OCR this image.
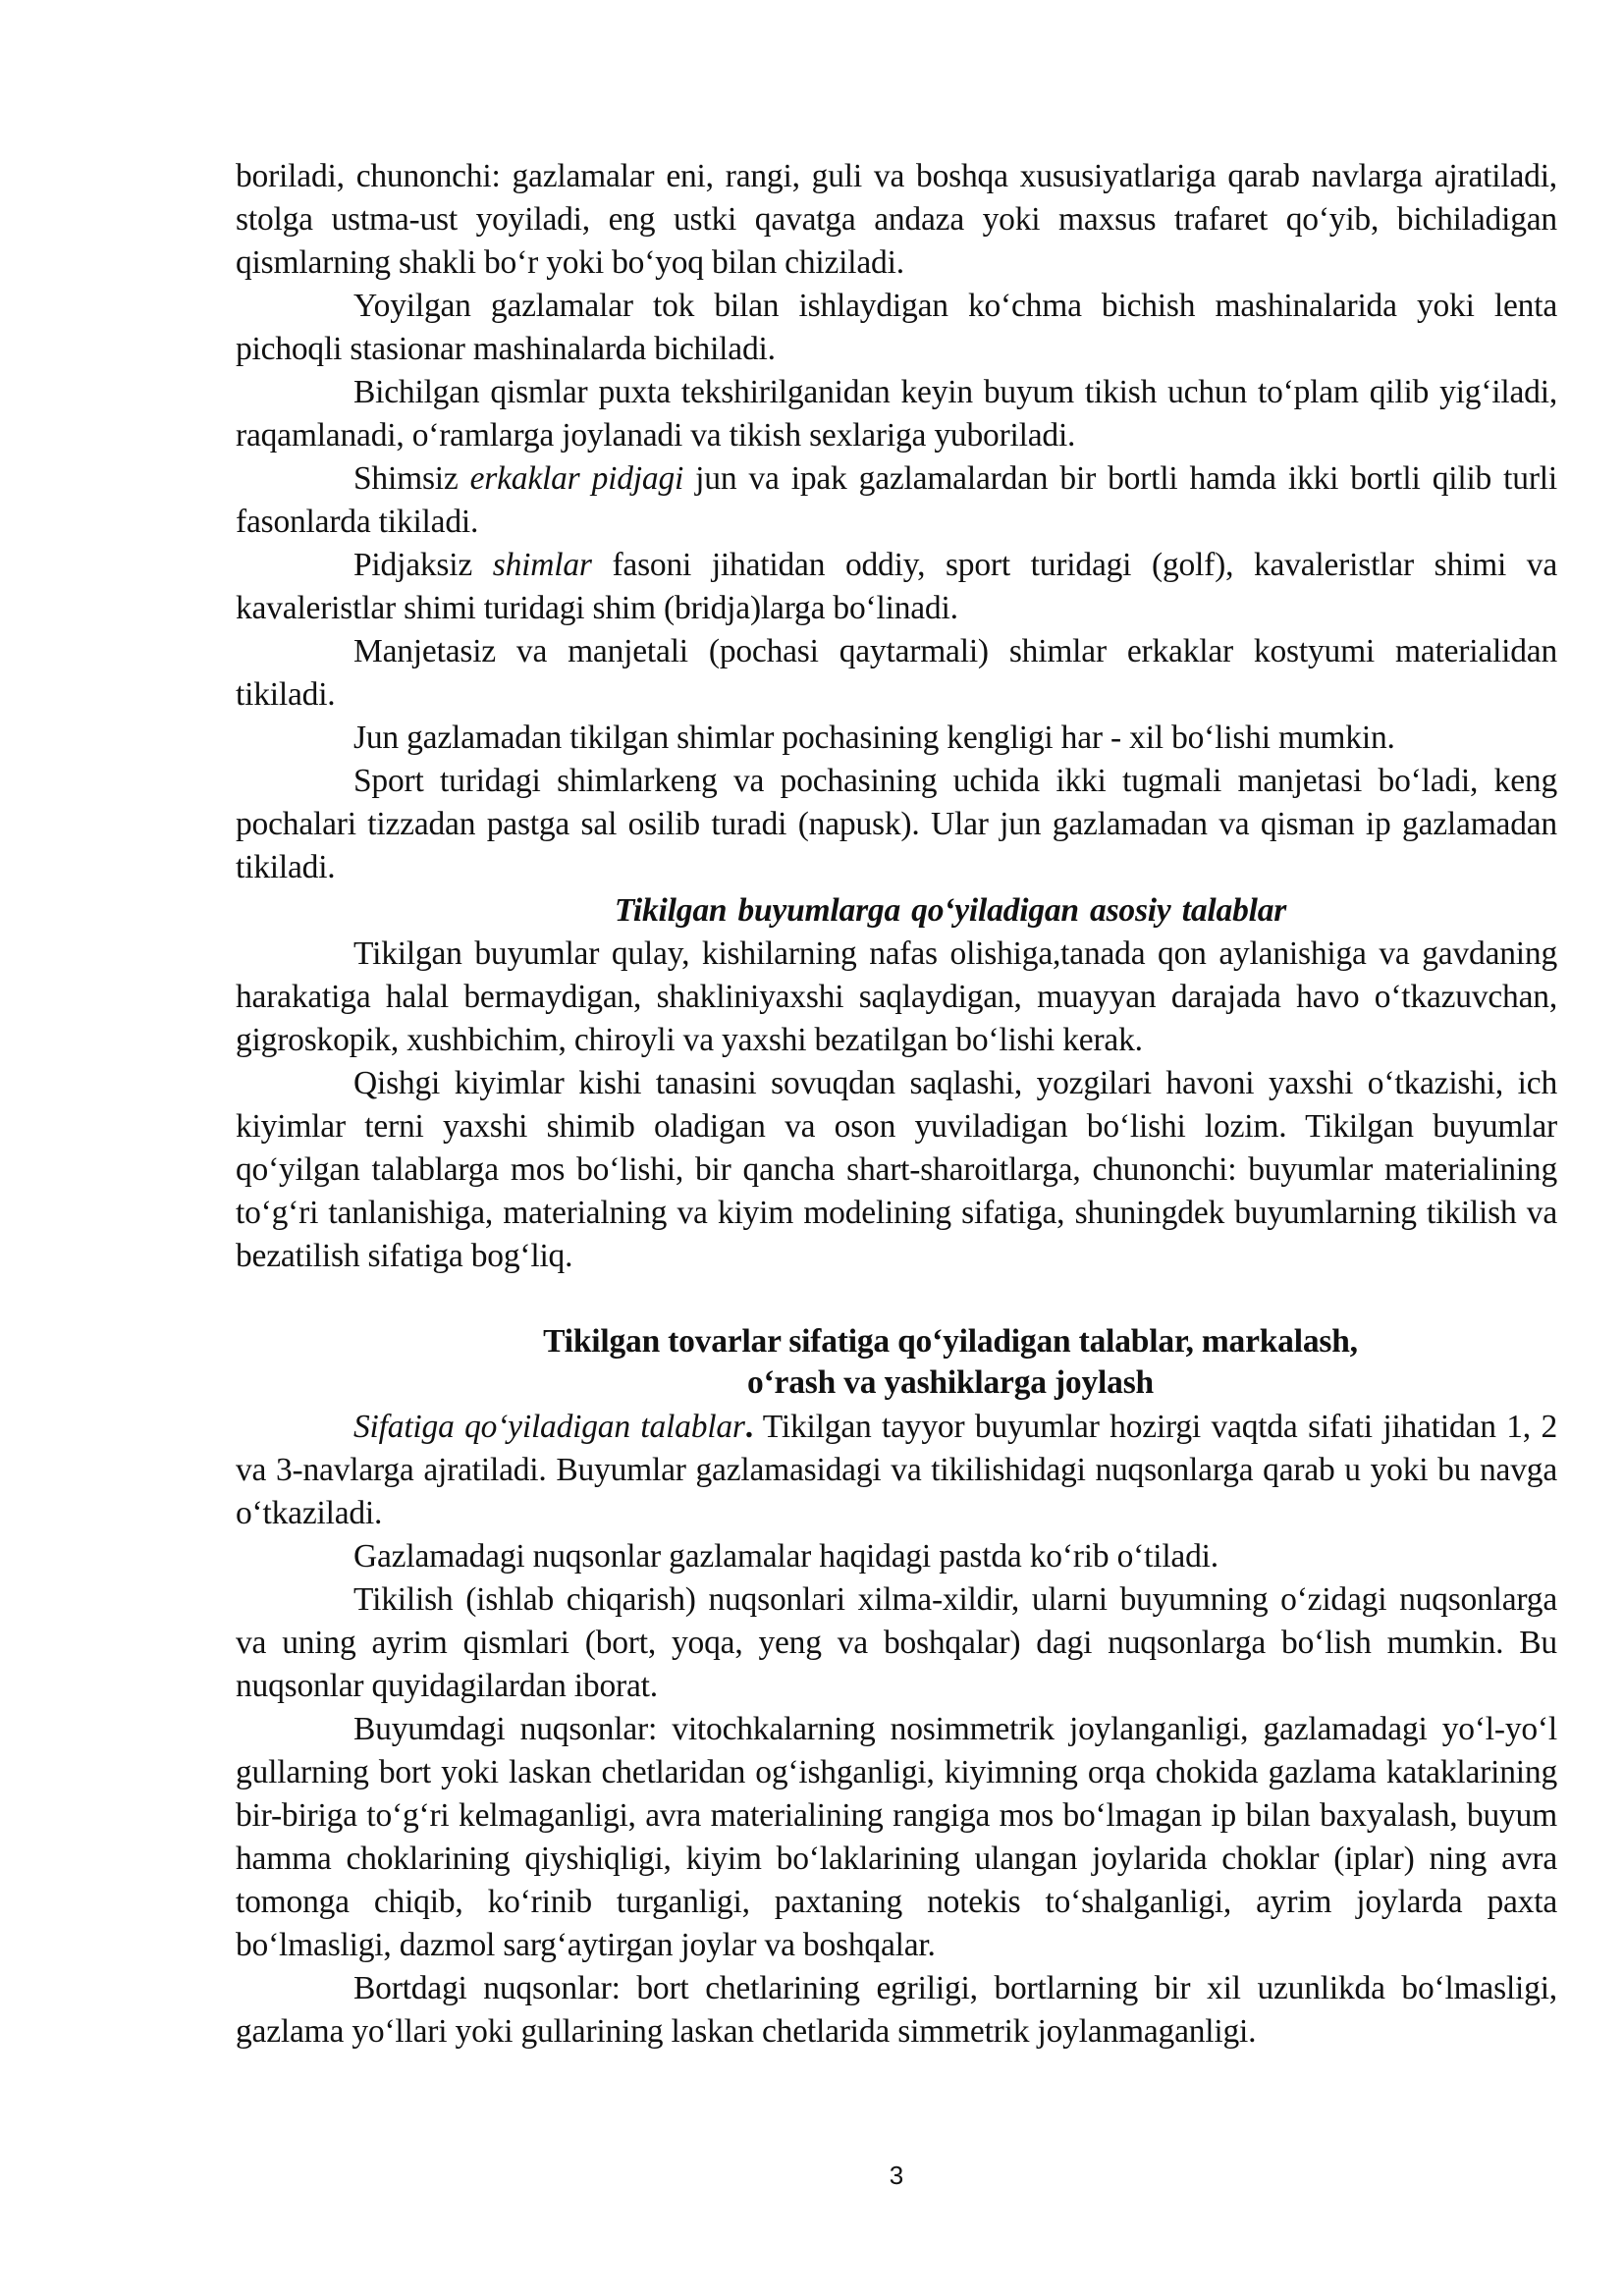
boriladi, chunonchi: gazlamalar eni, rangi, guli va boshqa xususiyatlariga qarab navlarga ajratiladi, stolga ustma-ust yoyiladi, eng ustki qavatga andaza yoki maxsus trafaret qo‘yib, bichiladigan qismlarning shakli bo‘r yoki bo‘yoq bilan chiziladi.

Yoyilgan gazlamalar tok bilan ishlaydigan ko‘chma bichish mashinalarida yoki lenta pichoqli stasionar mashinalarda bichiladi.

Bichilgan qismlar puxta tekshirilganidan keyin buyum tikish uchun to‘plam qilib yig‘iladi, raqamlanadi, o‘ramlarga joylanadi va tikish sexlariga yuboriladi.

Shimsiz erkaklar pidjagi jun va ipak gazlamalardan bir bortli hamda ikki bortli qilib turli fasonlarda tikiladi.

Pidjaksiz shimlar fasoni jihatidan oddiy, sport turidagi (golf), kavaleristlar shimi va kavaleristlar shimi turidagi shim (bridja)larga bo‘linadi.

Manjetasiz va manjetali (pochasi qaytarmali) shimlar erkaklar kostyumi materialidan tikiladi.

Jun gazlamadan tikilgan shimlar pochasining kengligi har - xil bo‘lishi mumkin.

Sport turidagi shimlarkeng va pochasining uchida ikki tugmali manjetasi bo‘ladi, keng pochalari tizzadan pastga sal osilib turadi (napusk). Ular jun gazlamadan va qisman ip gazlamadan tikiladi.

Tikilgan buyumlarga qo‘yiladigan asosiy talablar

Tikilgan buyumlar qulay, kishilarning nafas olishiga,tanada qon aylanishiga va gavdaning harakatiga halal bermaydigan, shakliniyaxshi saqlaydigan, muayyan darajada havo o‘tkazuvchan, gigroskopik, xushbichim, chiroyli va yaxshi bezatilgan bo‘lishi kerak.

Qishgi kiyimlar kishi tanasini sovuqdan saqlashi, yozgilari havoni yaxshi o‘tkazishi, ich kiyimlar terni yaxshi shimib oladigan va oson yuviladigan bo‘lishi lozim. Tikilgan buyumlar qo‘yilgan talablarga mos bo‘lishi, bir qancha shart-sharoitlarga, chunonchi: buyumlar materialining to‘g‘ri tanlanishiga, materialning va kiyim modelining sifatiga, shuningdek buyumlarning tikilish va bezatilish sifatiga bog‘liq.

Tikilgan tovarlar sifatiga qo‘yiladigan talablar, markalash,
o‘rash va yashiklarga joylash

Sifatiga qo‘yiladigan talablar. Tikilgan tayyor buyumlar hozirgi vaqtda sifati jihatidan 1, 2 va 3-navlarga ajratiladi. Buyumlar gazlamasidagi va tikilishidagi nuqsonlarga qarab u yoki bu navga o‘tkaziladi.

Gazlamadagi nuqsonlar gazlamalar haqidagi pastda ko‘rib o‘tiladi.

Tikilish (ishlab chiqarish) nuqsonlari xilma-xildir, ularni buyumning o‘zidagi nuqsonlarga va uning ayrim qismlari (bort, yoqa, yeng va boshqalar) dagi nuqsonlarga bo‘lish mumkin. Bu nuqsonlar quyidagilardan iborat.

Buyumdagi nuqsonlar: vitochkalarning nosimmetrik joylanganligi, gazlamadagi yo‘l-yo‘l gullarning bort yoki laskan chetlaridan og‘ishganligi, kiyimning orqa chokida gazlama kataklarining bir-biriga to‘g‘ri kelmaganligi, avra materialining rangiga mos bo‘lmagan ip bilan baxyalash, buyum hamma choklarining qiyshiqligi, kiyim bo‘laklarining ulangan joylarida choklar (iplar) ning avra tomonga chiqib, ko‘rinib turganligi, paxtaning notekis to‘shalganligi, ayrim joylarda paxta bo‘lmasligi, dazmol sarg‘aytirgan joylar va boshqalar.

Bortdagi nuqsonlar: bort chetlarining egriligi, bortlarning bir xil uzunlikda bo‘lmasligi, gazlama yo‘llari yoki gullarining laskan chetlarida simmetrik joylanmaganligi.

3
